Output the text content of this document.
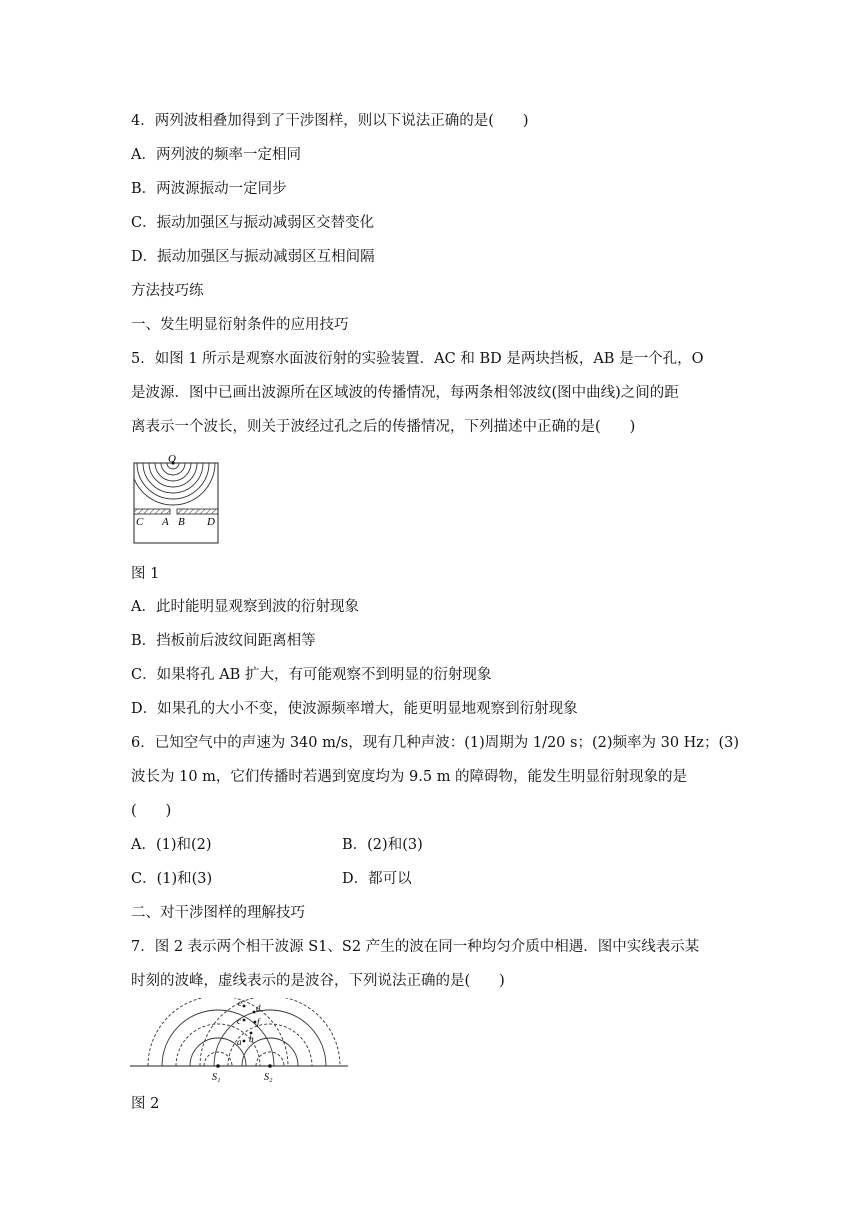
4．两列波相叠加得到了干涉图样，则以下说法正确的是(　　)
A．两列波的频率一定相同
B．两波源振动一定同步
C．振动加强区与振动减弱区交替变化
D．振动加强区与振动减弱区互相间隔
方法技巧练
一、发生明显衍射条件的应用技巧
5．如图 1 所示是观察水面波衍射的实验装置．AC 和 BD 是两块挡板，AB 是一个孔，O
是波源．图中已画出波源所在区域波的传播情况，每两条相邻波纹(图中曲线)之间的距
离表示一个波长，则关于波经过孔之后的传播情况，下列描述中正确的是(　　)
O
C A B D
图 1
A．此时能明显观察到波的衍射现象
B．挡板前后波纹间距离相等
C．如果将孔 AB 扩大，有可能观察不到明显的衍射现象
D．如果孔的大小不变，使波源频率增大，能更明显地观察到衍射现象
6．已知空气中的声速为 340 m/s，现有几种声波：(1)周期为 1/20 s；(2)频率为 30 Hz；(3)
波长为 10 m，它们传播时若遇到宽度均为 9.5 m 的障碍物，能发生明显衍射现象的是
(　　)
A．(1)和(2)	B．(2)和(3)
C．(1)和(3)	D．都可以
二、对干涉图样的理解技巧
7．图 2 表示两个相干波源 S1、S2 产生的波在同一种均匀介质中相遇．图中实线表示某
时刻的波峰，虚线表示的是波谷，下列说法正确的是(　　)
S₁	S₂
a b
c
d
e
f
图 2
